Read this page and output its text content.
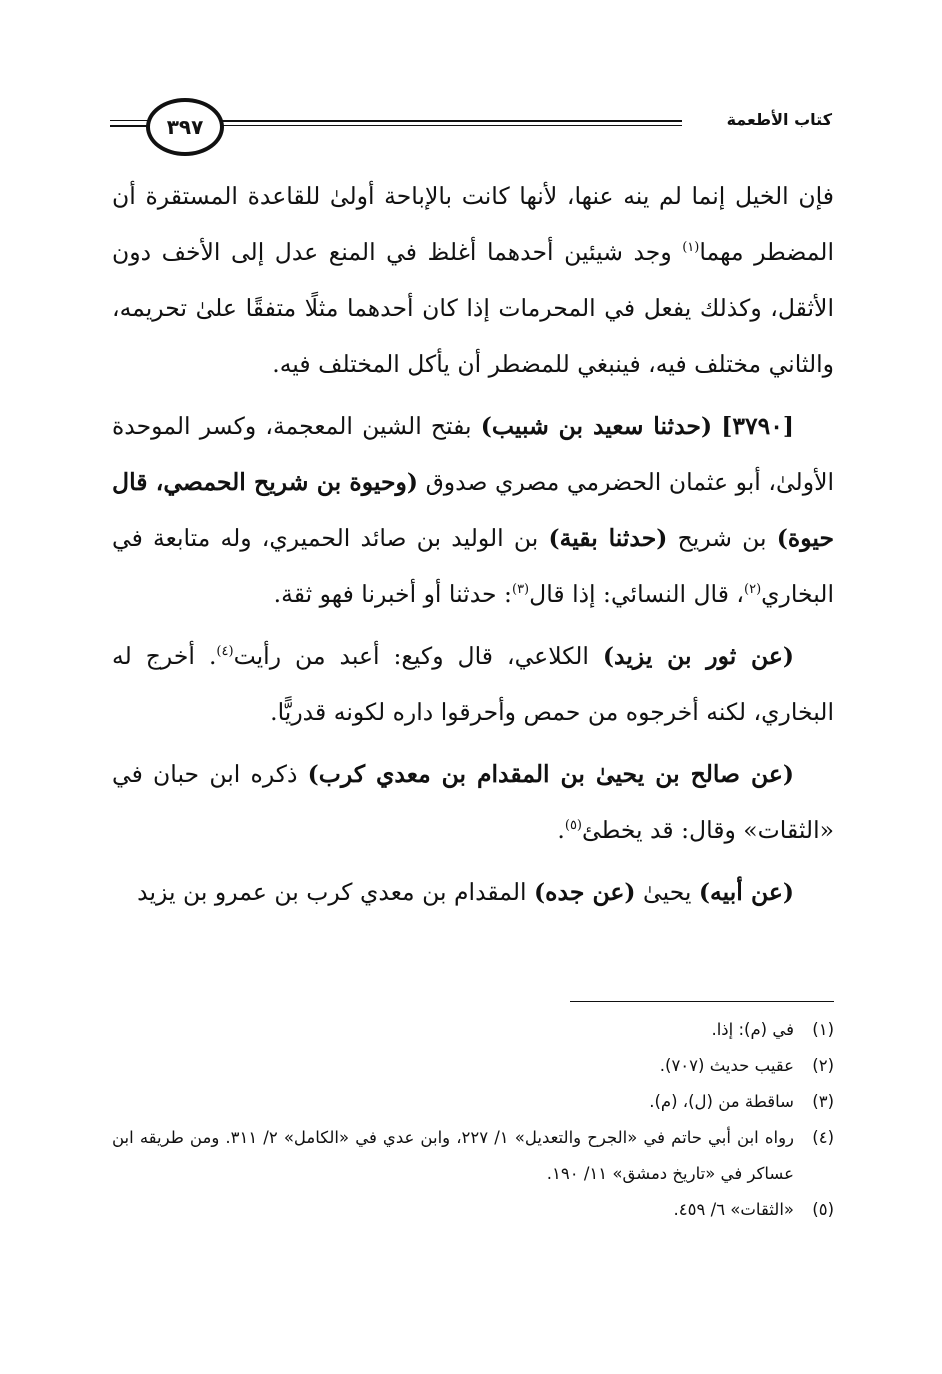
كتاب الأطعمة
٣٩٧

فإن الخيل إنما لم ينه عنها، لأنها كانت بالإباحة أولىٰ للقاعدة المستقرة أن المضطر مهما$^{(١)}$ وجد شيئين أحدهما أغلظ في المنع عدل إلى الأخف دون الأثقل، وكذلك يفعل في المحرمات إذا كان أحدهما مثلًا متفقًا علىٰ تحريمه، والثاني مختلف فيه، فينبغي للمضطر أن يأكل المختلف فيه.

[٣٧٩٠] (حدثنا سعيد بن شبيب) بفتح الشين المعجمة، وكسر الموحدة الأولىٰ، أبو عثمان الحضرمي مصري صدوق (وحيوة بن شريح الحمصي، قال حيوة) بن شريح (حدثنا بقية) بن الوليد بن صائد الحميري، وله متابعة في البخاري$^{(٢)}$، قال النسائي: إذا قال$^{(٣)}$: حدثنا أو أخبرنا فهو ثقة.

(عن ثور بن يزيد) الكلاعي، قال وكيع: أعبد من رأيت$^{(٤)}$. أخرج له البخاري، لكنه أخرجوه من حمص وأحرقوا داره لكونه قدريًّا.

(عن صالح بن يحيىٰ بن المقدام بن معدي كرب) ذكره ابن حبان في «الثقات» وقال: قد يخطئ$^{(٥)}$.

(عن أبيه) يحيىٰ (عن جده) المقدام بن معدي كرب بن عمرو بن يزيد

(١)
في (م): إذا.
(٢)
عقيب حديث (٧٠٧).
(٣)
ساقطة من (ل)، (م).
(٤)
رواه ابن أبي حاتم في «الجرح والتعديل» ١/ ٢٢٧، وابن عدي في «الكامل» ٢/ ٣١١. ومن طريقه ابن عساكر في «تاريخ دمشق» ١١/ ١٩٠.
(٥)
«الثقات» ٦/ ٤٥٩.
